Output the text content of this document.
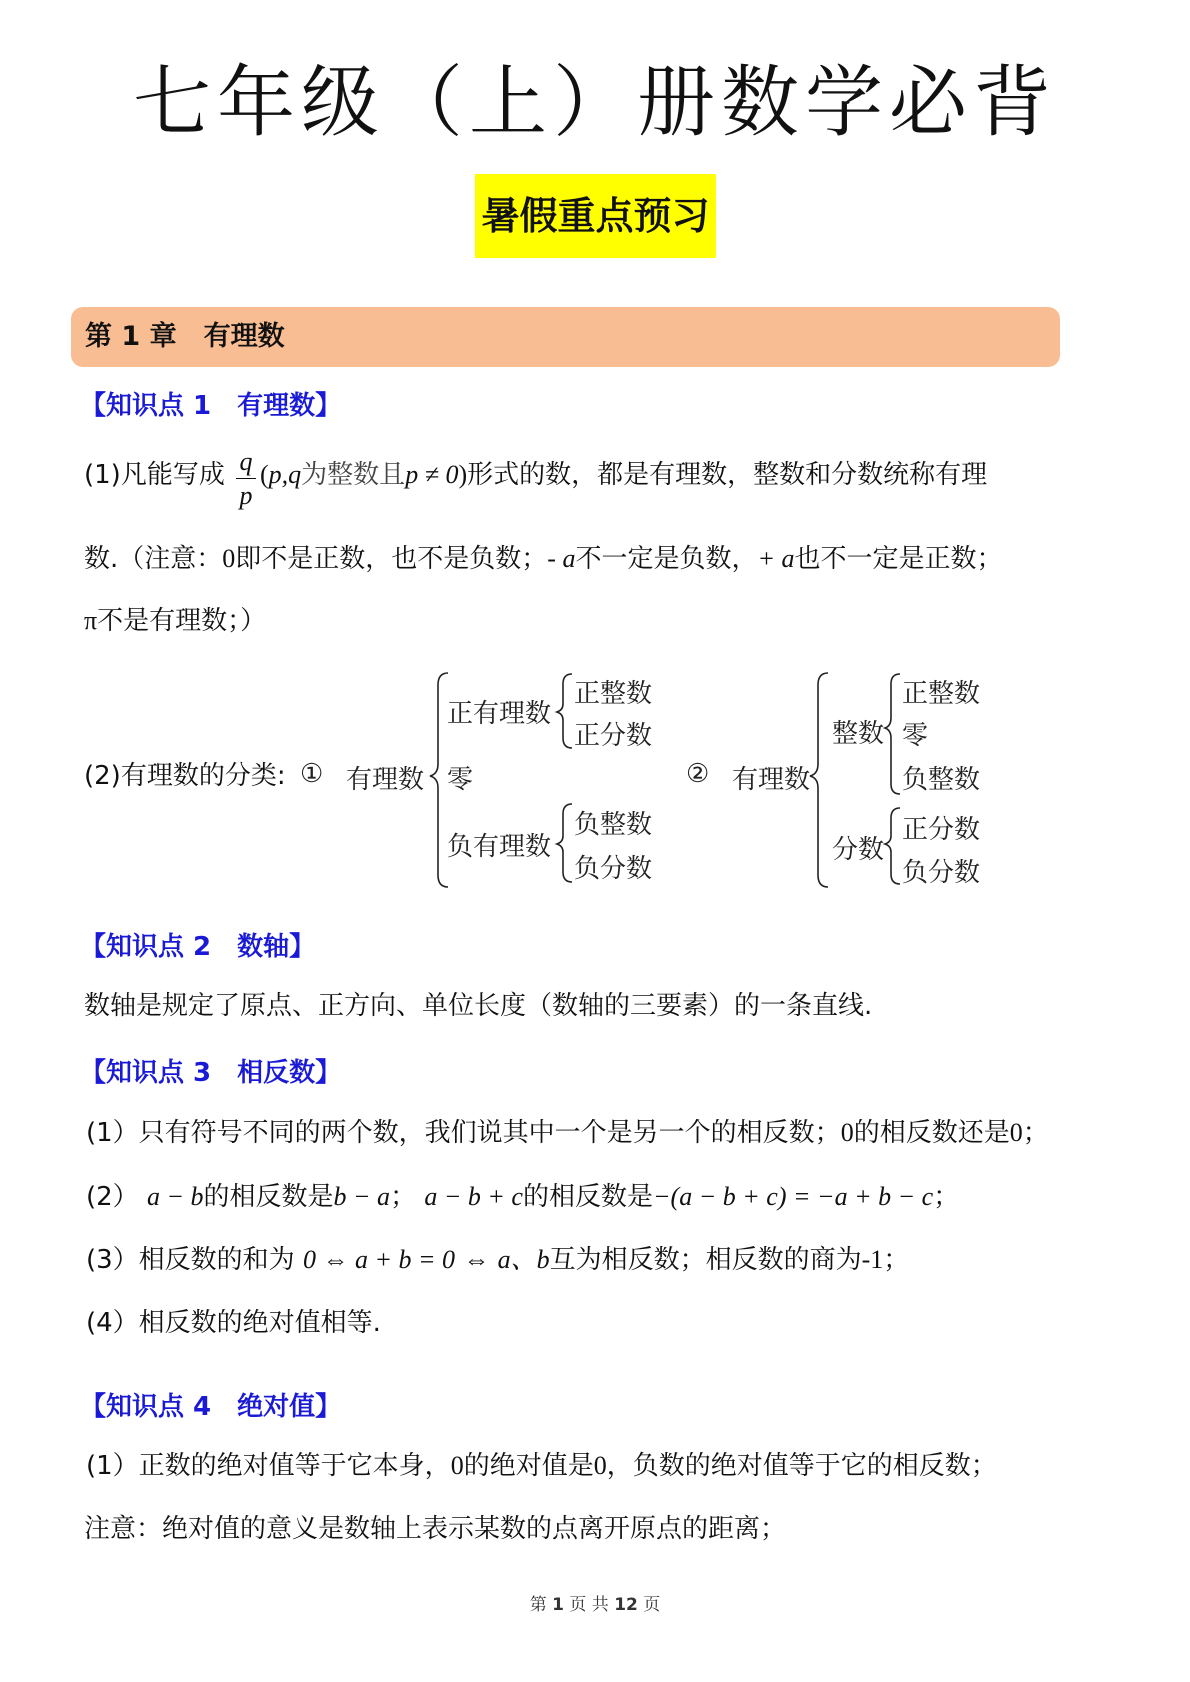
七年级（上）册数学必背
暑假重点预习
第 1 章　有理数
【知识点 1　有理数】
(1)凡能写成 q
p
(p,q为整数且p ≠ 0)形式的数，都是有理数，整数和分数统称有理
数.（注意：0即不是正数，也不是负数；- a不一定是负数，+ a也不一定是正数；
π不是有理数；）
(2)有理数的分类: ① 有理数
正有理数
正整数
正分数
零
负有理数
负整数
负分数
② 有理数
整数
正整数
零
负整数
分数
正分数
负分数
【知识点 2　数轴】
数轴是规定了原点、正方向、单位长度（数轴的三要素）的一条直线.
【知识点 3　相反数】
(1）只有符号不同的两个数，我们说其中一个是另一个的相反数；0的相反数还是0；
(2） a − b的相反数是b − a； a − b + c的相反数是−(a − b + c) = −a + b − c；
(3）相反数的和为 0 ⇔ a + b = 0 ⇔ a、b互为相反数；相反数的商为-1；
(4）相反数的绝对值相等.
【知识点 4　绝对值】
(1）正数的绝对值等于它本身，0的绝对值是0，负数的绝对值等于它的相反数；
注意：绝对值的意义是数轴上表示某数的点离开原点的距离；
第 1 页 共 12 页
